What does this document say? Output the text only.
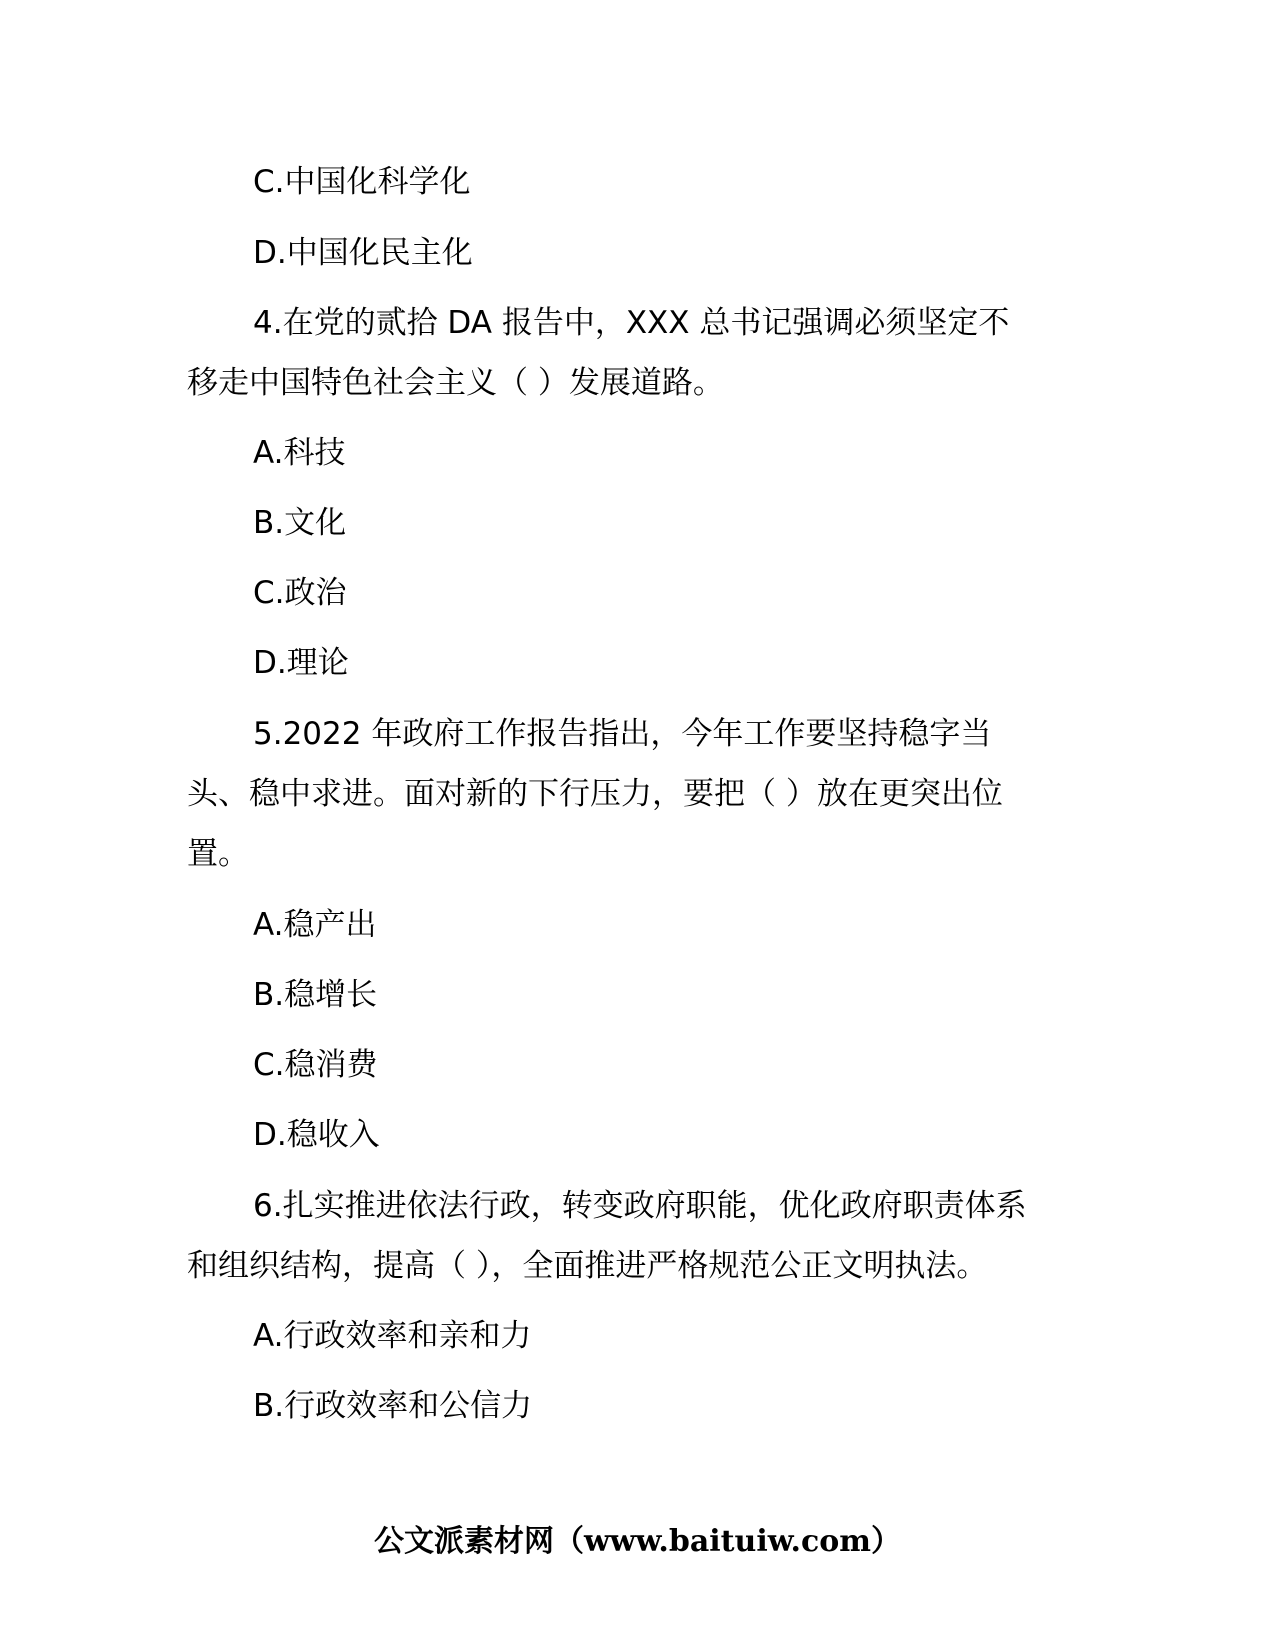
C.中国化科学化
D.中国化民主化
4.在党的贰拾 DA 报告中，XXX 总书记强调必须坚定不
移走中国特色社会主义（ ）发展道路。
A.科技
B.文化
C.政治
D.理论
5.2022 年政府工作报告指出，今年工作要坚持稳字当
头、稳中求进。面对新的下行压力，要把（ ）放在更突出位
置。
A.稳产出
B.稳增长
C.稳消费
D.稳收入
6.扎实推进依法行政，转变政府职能，优化政府职责体系
和组织结构，提高（ ），全面推进严格规范公正文明执法。
A.行政效率和亲和力
B.行政效率和公信力
公文派素材网（www.baituiw.com）
